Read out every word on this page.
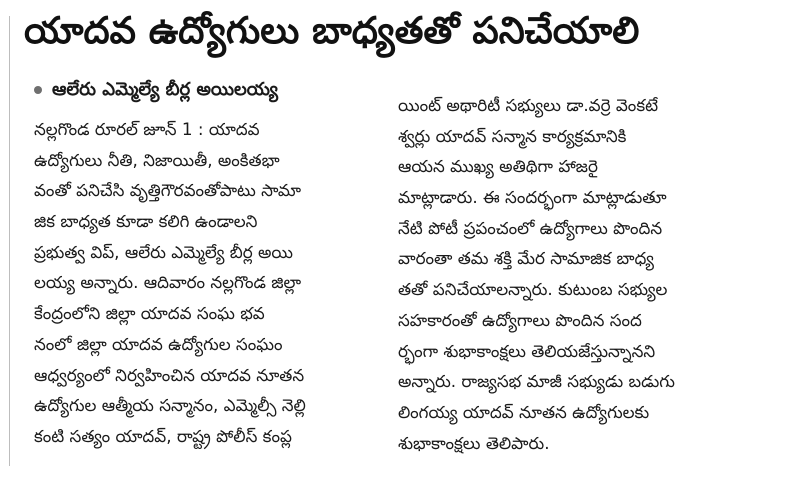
యాదవ ఉద్యోగులు బాధ్యతతో పనిచేయాలి
ఆలేరు ఎమ్మెల్యే బీర్ల అయిలయ్య
నల్లగొండ రూరల్ జూన్ 1 : యాదవ
ఉద్యోగులు నీతి, నిజాయితీ, అంకితభా
వంతో పనిచేసి వృత్తిగౌరవంతోపాటు సామా
జిక బాధ్యత కూడా కలిగి ఉండాలని
ప్రభుత్వ విప్, ఆలేరు ఎమ్మెల్యే బీర్ల అయి
లయ్య అన్నారు. ఆదివారం నల్లగొండ జిల్లా
కేంద్రంలోని జిల్లా యాదవ సంఘ భవ
నంలో జిల్లా యాదవ ఉద్యోగుల సంఘం
ఆధ్వర్యంలో నిర్వహించిన యాదవ నూతన
ఉద్యోగుల ఆత్మీయ సన్మానం, ఎమ్మెల్సీ నెల్లి
కంటి సత్యం యాదవ్, రాష్ట్ర పోలీస్ కంప్ల
యింట్ అథారిటీ సభ్యులు డా.వర్రె వెంకటే
శ్వర్లు యాదవ్ సన్మాన కార్యక్రమానికి
ఆయన ముఖ్య అతిథిగా హాజరై
మాట్లాడారు. ఈ సందర్భంగా మాట్లాడుతూ
నేటి పోటీ ప్రపంచంలో ఉద్యోగాలు పొందిన
వారంతా తమ శక్తి మేర సామాజిక బాధ్య
తతో పనిచేయాలన్నారు. కుటుంబ సభ్యుల
సహకారంతో ఉద్యోగాలు పొందిన సంద
ర్భంగా శుభాకాంక్షలు తెలియజేస్తున్నానని
అన్నారు. రాజ్యసభ మాజీ సభ్యుడు బడుగు
లింగయ్య యాదవ్ నూతన ఉద్యోగులకు
శుభాకాంక్షలు తెలిపారు.
